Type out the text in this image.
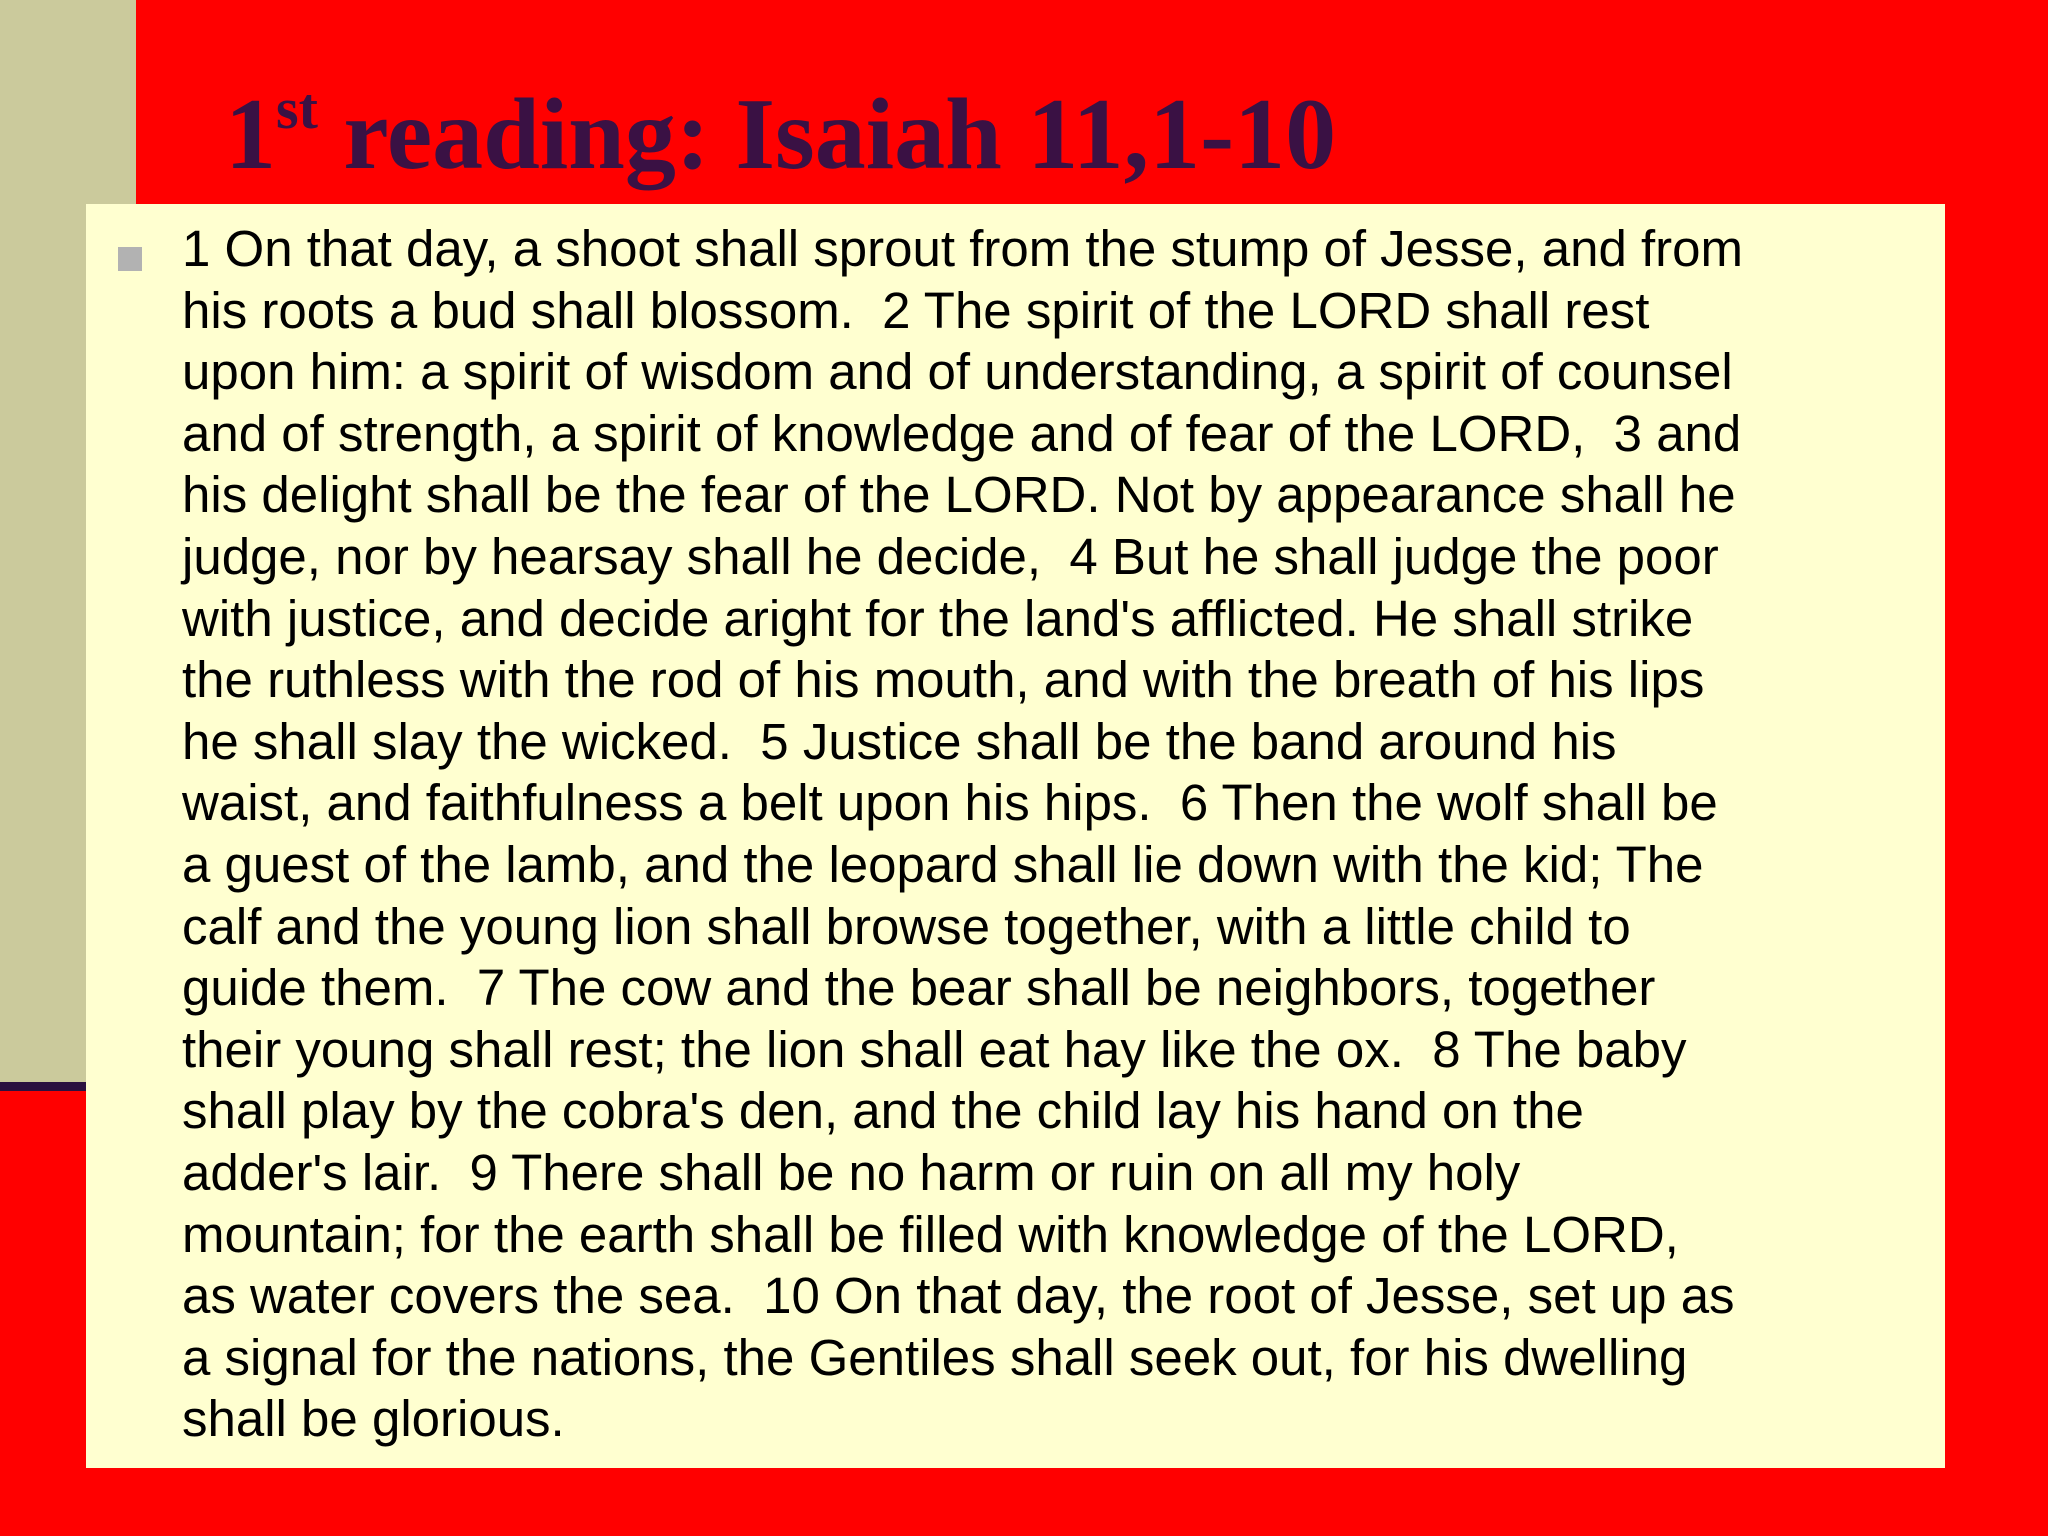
1st reading: Isaiah 11,1-10

1 On that day, a shoot shall sprout from the stump of Jesse, and from
his roots a bud shall blossom.  2 The spirit of the LORD shall rest
upon him: a spirit of wisdom and of understanding, a spirit of counsel
and of strength, a spirit of knowledge and of fear of the LORD,  3 and
his delight shall be the fear of the LORD. Not by appearance shall he
judge, nor by hearsay shall he decide,  4 But he shall judge the poor
with justice, and decide aright for the land's afflicted. He shall strike
the ruthless with the rod of his mouth, and with the breath of his lips
he shall slay the wicked.  5 Justice shall be the band around his
waist, and faithfulness a belt upon his hips.  6 Then the wolf shall be
a guest of the lamb, and the leopard shall lie down with the kid; The
calf and the young lion shall browse together, with a little child to
guide them.  7 The cow and the bear shall be neighbors, together
their young shall rest; the lion shall eat hay like the ox.  8 The baby
shall play by the cobra's den, and the child lay his hand on the
adder's lair.  9 There shall be no harm or ruin on all my holy
mountain; for the earth shall be filled with knowledge of the LORD,
as water covers the sea.  10 On that day, the root of Jesse, set up as
a signal for the nations, the Gentiles shall seek out, for his dwelling
shall be glorious.
